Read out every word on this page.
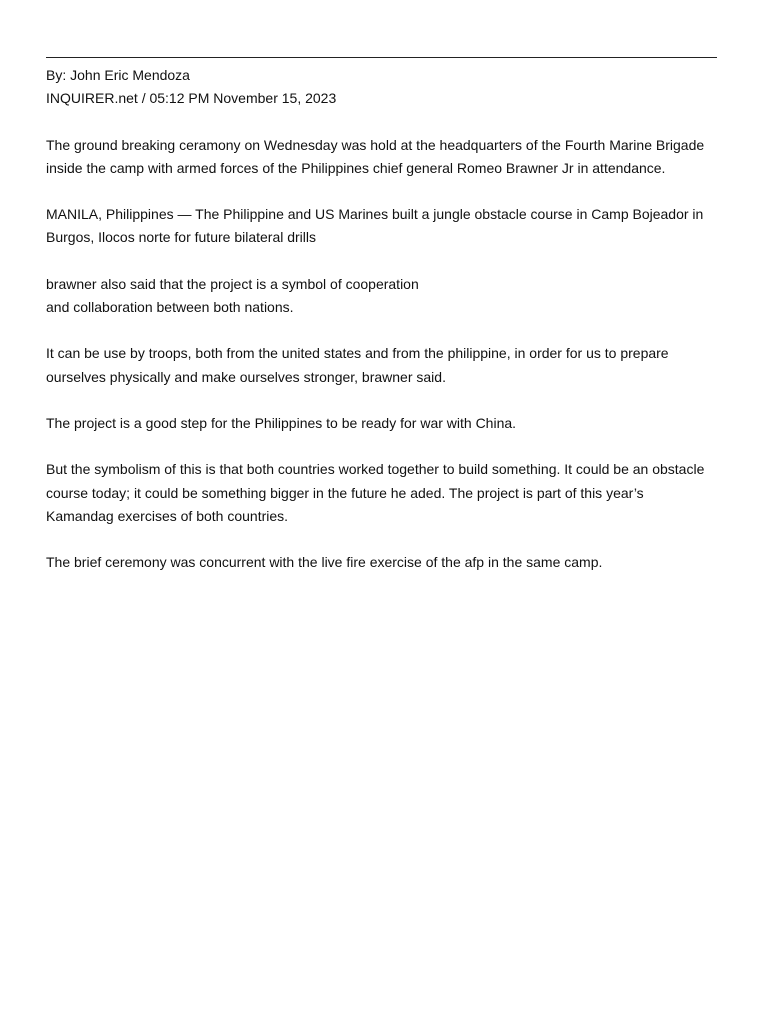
By: John Eric Mendoza

INQUIRER.net / 05:12 PM November 15, 2023

The ground breaking ceramony on Wednesday was hold at the headquarters of the Fourth Marine Brigade
inside the camp with armed forces of the Philippines chief general Romeo Brawner Jr in attendance.

MANILA, Philippines — The Philippine and US Marines built a jungle obstacle course in Camp Bojeador in
Burgos, Ilocos norte for future bilateral drills

brawner also said that the project is a symbol of cooperation
and collaboration between both nations.

It can be use by troops, both from the united states and from the philippine, in order for us to prepare
ourselves physically and make ourselves stronger, brawner said.

The project is a good step for the Philippines to be ready for war with China.

But the symbolism of this is that both countries worked together to build something. It could be an obstacle
course today; it could be something bigger in the future he aded. The project is part of this year’s
Kamandag exercises of both countries.

The brief ceremony was concurrent with the live fire exercise of the afp in the same camp.
